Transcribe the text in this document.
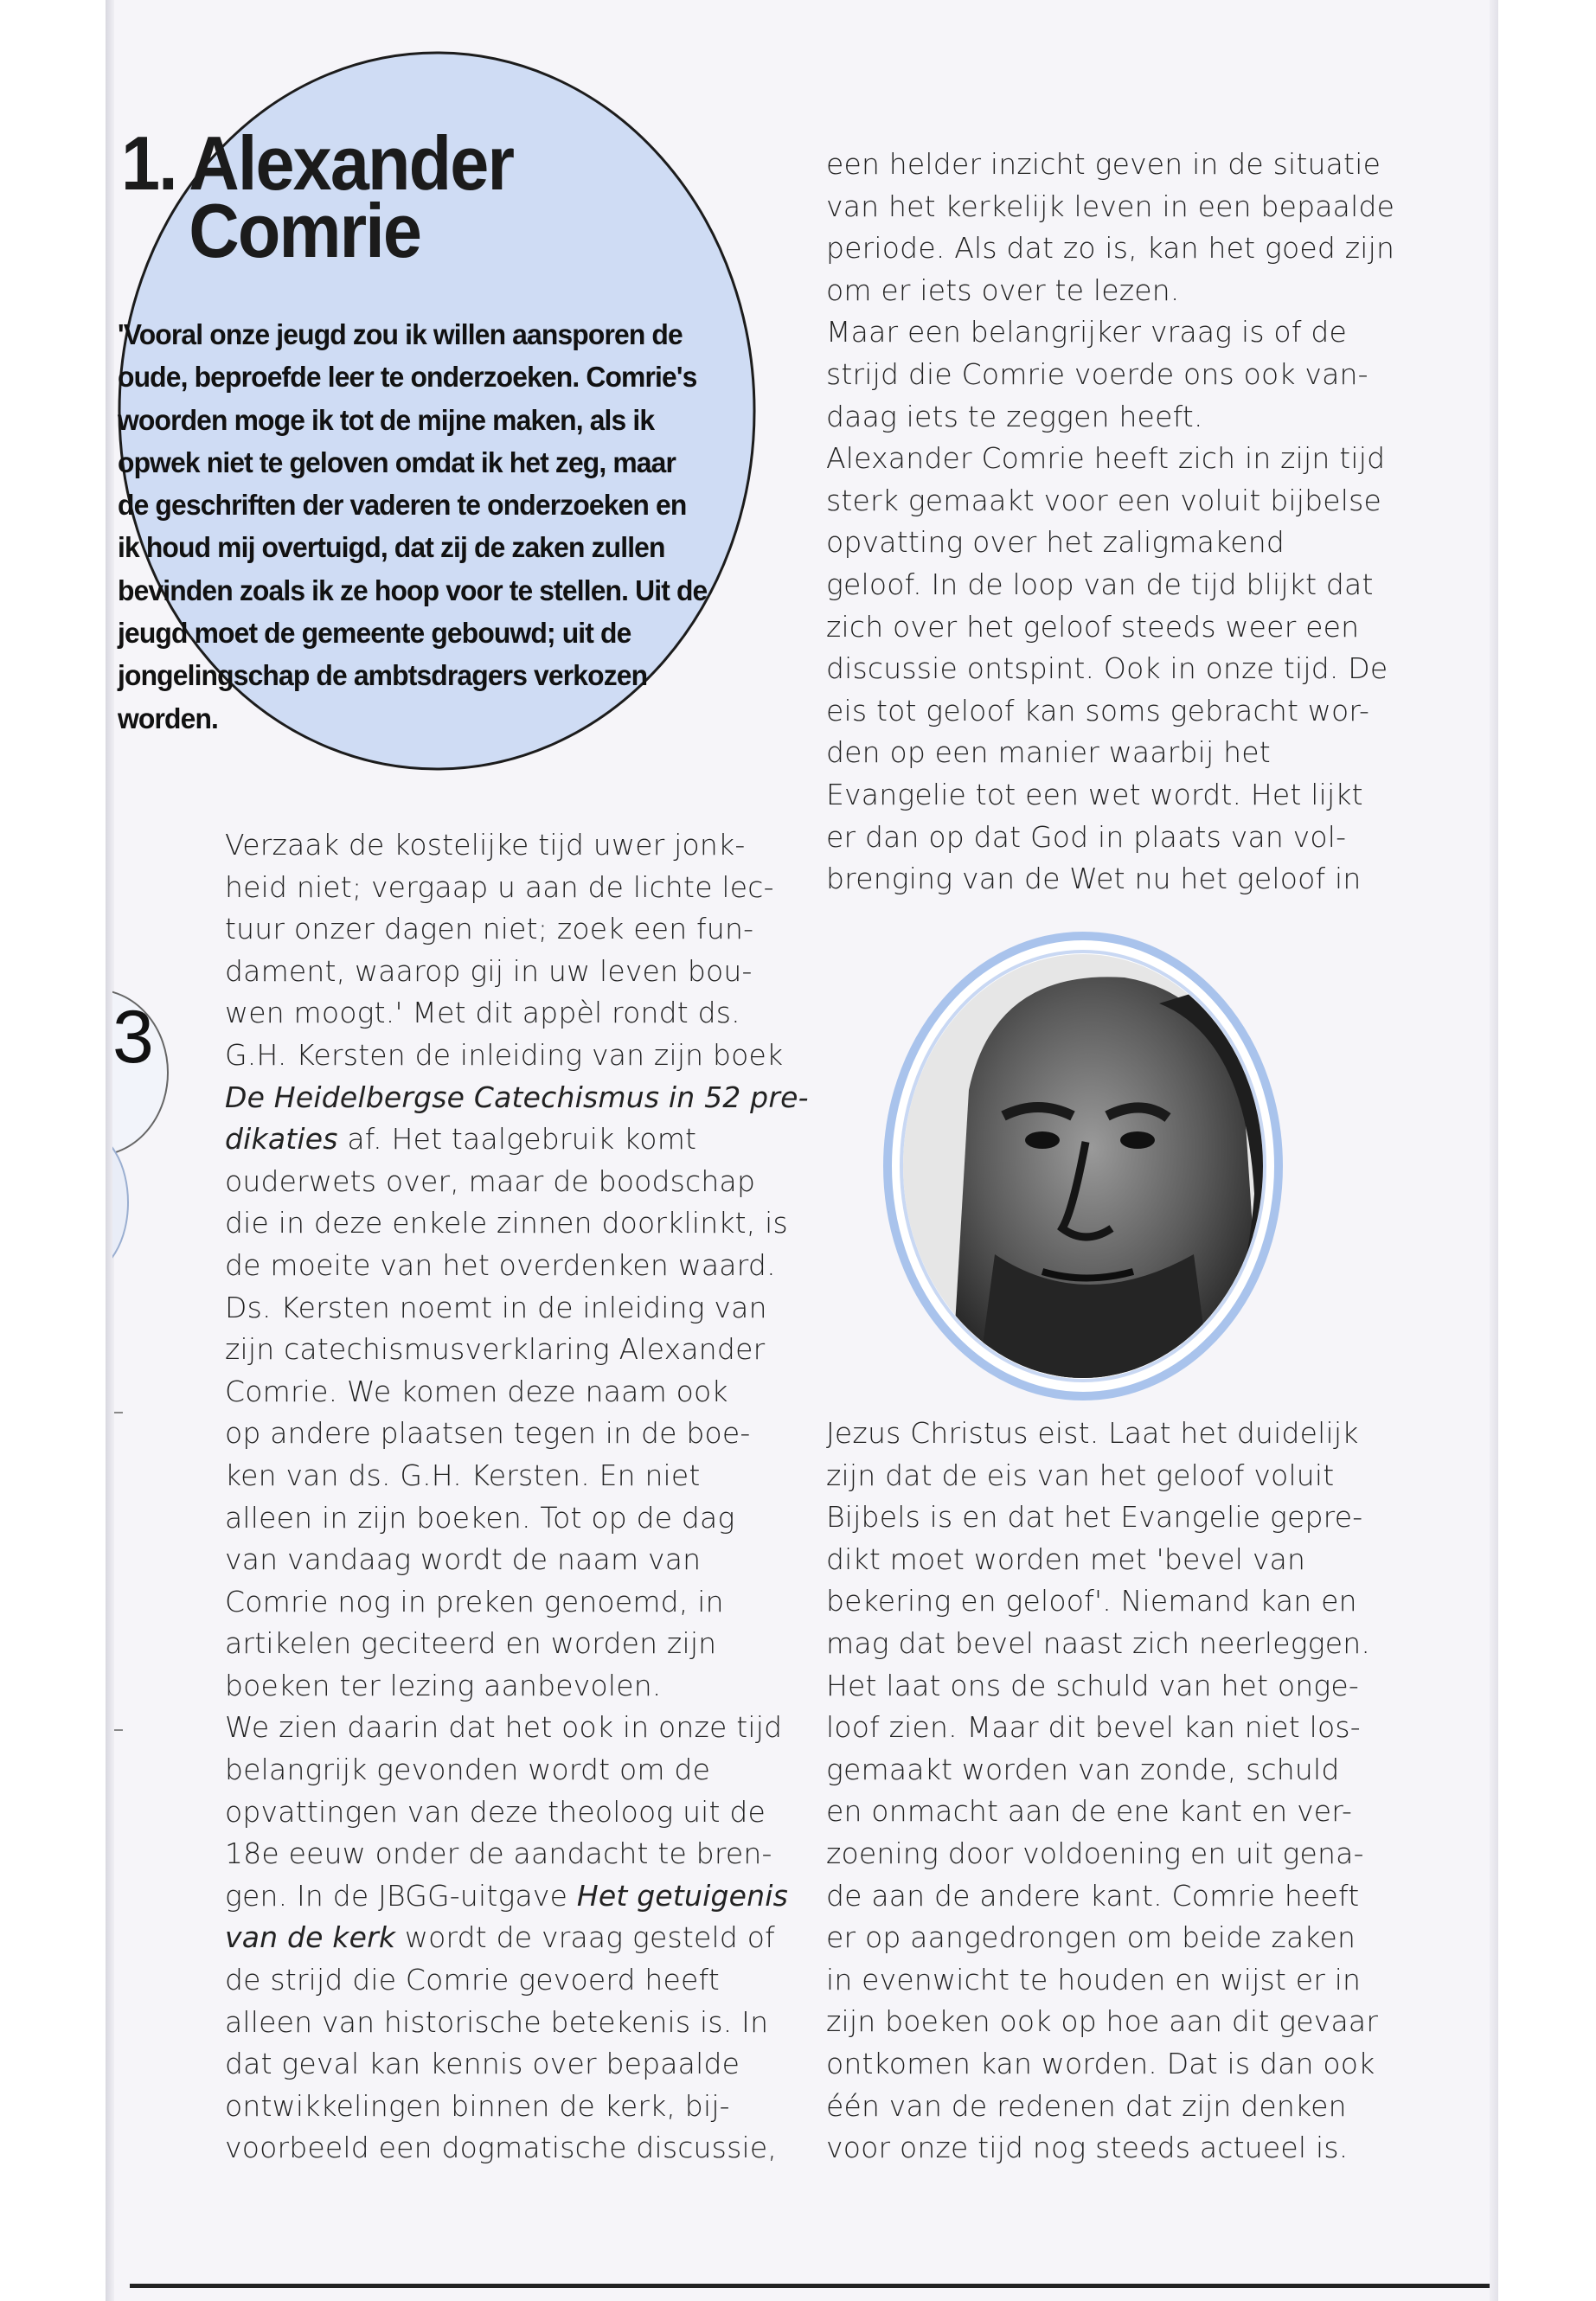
3
1. Alexander
Comrie

'Vooral onze jeugd zou ik willen aansporen de oude, beproefde leer te onderzoeken. Comrie's woorden moge ik tot de mijne maken, als ik opwek niet te geloven omdat ik het zeg, maar de geschriften der vaderen te onderzoeken en ik houd mij overtuigd, dat zij de zaken zullen bevinden zoals ik ze hoop voor te stellen. Uit de jeugd moet de gemeente gebouwd; uit de jongelingschap de ambtsdragers verkozen worden.

Verzaak de kostelijke tijd uwer jonk-
heid niet; vergaap u aan de lichte lec-
tuur onzer dagen niet; zoek een fun-
dament, waarop gij in uw leven bou-
wen moogt.' Met dit appèl rondt ds.
G.H. Kersten de inleiding van zijn boek
De Heidelbergse Catechismus in 52 pre-
dikaties af. Het taalgebruik komt
ouderwets over, maar de boodschap
die in deze enkele zinnen doorklinkt, is
de moeite van het overdenken waard.
Ds. Kersten noemt in de inleiding van
zijn catechismusverklaring Alexander
Comrie. We komen deze naam ook
op andere plaatsen tegen in de boe-
ken van ds. G.H. Kersten. En niet
alleen in zijn boeken. Tot op de dag
van vandaag wordt de naam van
Comrie nog in preken genoemd, in
artikelen geciteerd en worden zijn
boeken ter lezing aanbevolen.
We zien daarin dat het ook in onze tijd
belangrijk gevonden wordt om de
opvattingen van deze theoloog uit de
18e eeuw onder de aandacht te bren-
gen. In de JBGG-uitgave Het getuigenis
van de kerk wordt de vraag gesteld of
de strijd die Comrie gevoerd heeft
alleen van historische betekenis is. In
dat geval kan kennis over bepaalde
ontwikkelingen binnen de kerk, bij-
voorbeeld een dogmatische discussie,
een helder inzicht geven in de situatie
van het kerkelijk leven in een bepaalde
periode. Als dat zo is, kan het goed zijn
om er iets over te lezen.
Maar een belangrijker vraag is of de
strijd die Comrie voerde ons ook van-
daag iets te zeggen heeft.
Alexander Comrie heeft zich in zijn tijd
sterk gemaakt voor een voluit bijbelse
opvatting over het zaligmakend
geloof. In de loop van de tijd blijkt dat
zich over het geloof steeds weer een
discussie ontspint. Ook in onze tijd. De
eis tot geloof kan soms gebracht wor-
den op een manier waarbij het
Evangelie tot een wet wordt. Het lijkt
er dan op dat God in plaats van vol-
brenging van de Wet nu het geloof in
Jezus Christus eist. Laat het duidelijk
zijn dat de eis van het geloof voluit
Bijbels is en dat het Evangelie gepre-
dikt moet worden met 'bevel van
bekering en geloof'. Niemand kan en
mag dat bevel naast zich neerleggen.
Het laat ons de schuld van het onge-
loof zien. Maar dit bevel kan niet los-
gemaakt worden van zonde, schuld
en onmacht aan de ene kant en ver-
zoening door voldoening en uit gena-
de aan de andere kant. Comrie heeft
er op aangedrongen om beide zaken
in evenwicht te houden en wijst er in
zijn boeken ook op hoe aan dit gevaar
ontkomen kan worden. Dat is dan ook
één van de redenen dat zijn denken
voor onze tijd nog steeds actueel is.
